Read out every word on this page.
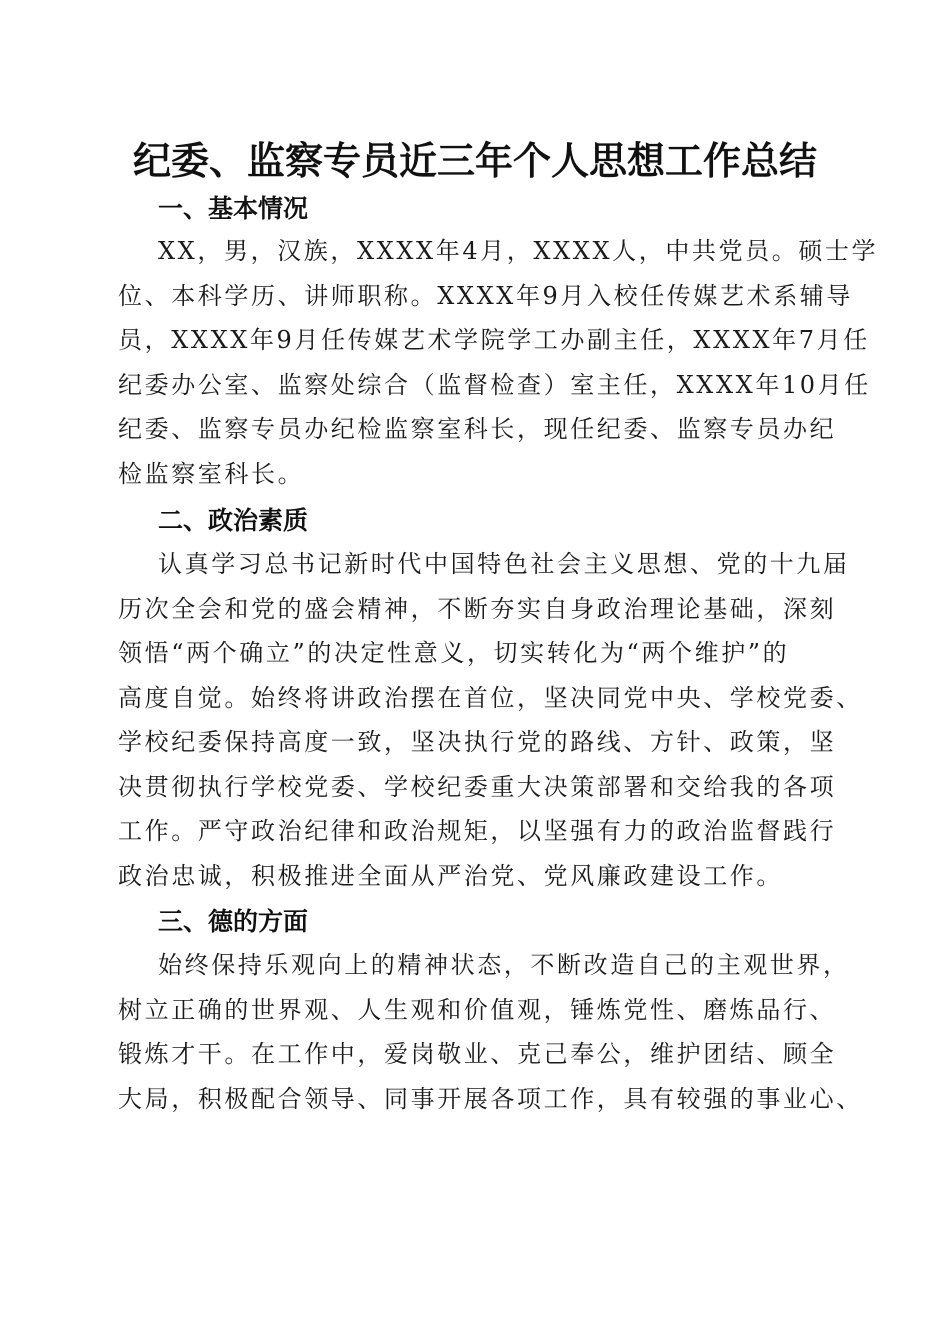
纪委、监察专员近三年个人思想工作总结
一、基本情况
XX，男，汉族，XXXX年4月，XXXX人，中共党员。硕士学
位、本科学历、讲师职称。XXXX年9月入校任传媒艺术系辅导
员，XXXX年9月任传媒艺术学院学工办副主任，XXXX年7月任
纪委办公室、监察处综合（监督检查）室主任，XXXX年10月任
纪委、监察专员办纪检监察室科长，现任纪委、监察专员办纪
检监察室科长。
二、政治素质
认真学习总书记新时代中国特色社会主义思想、党的十九届
历次全会和党的盛会精神，不断夯实自身政治理论基础，深刻
领悟“两个确立”的决定性意义，切实转化为“两个维护”的
高度自觉。始终将讲政治摆在首位，坚决同党中央、学校党委、
学校纪委保持高度一致，坚决执行党的路线、方针、政策，坚
决贯彻执行学校党委、学校纪委重大决策部署和交给我的各项
工作。严守政治纪律和政治规矩，以坚强有力的政治监督践行
政治忠诚，积极推进全面从严治党、党风廉政建设工作。
三、德的方面
始终保持乐观向上的精神状态，不断改造自己的主观世界，
树立正确的世界观、人生观和价值观，锤炼党性、磨炼品行、
锻炼才干。在工作中，爱岗敬业、克己奉公，维护团结、顾全
大局，积极配合领导、同事开展各项工作，具有较强的事业心、
